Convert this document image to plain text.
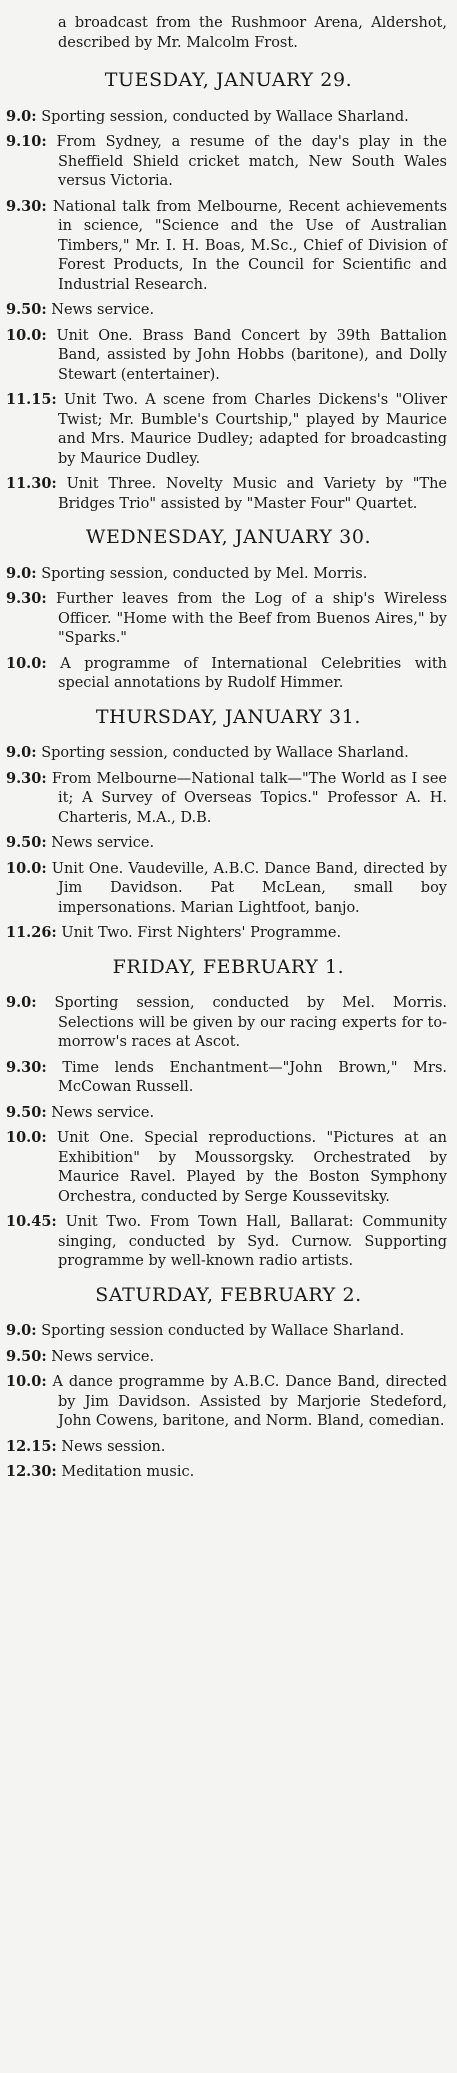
a broadcast from the Rushmoor Arena, Aldershot, described by Mr. Malcolm Frost.
TUESDAY, JANUARY 29.
9.0: Sporting session, conducted by Wallace Sharland.
9.10: From Sydney, a resume of the day's play in the Sheffield Shield cricket match, New South Wales versus Victoria.
9.30: National talk from Melbourne, Recent achievements in science, "Science and the Use of Australian Timbers," Mr. I. H. Boas, M.Sc., Chief of Division of Forest Products, In the Council for Scientific and Industrial Research.
9.50: News service.
10.0: Unit One. Brass Band Concert by 39th Battalion Band, assisted by John Hobbs (baritone), and Dolly Stewart (entertainer).
11.15: Unit Two. A scene from Charles Dickens's "Oliver Twist; Mr. Bumble's Courtship," played by Maurice and Mrs. Maurice Dudley; adapted for broadcasting by Maurice Dudley.
11.30: Unit Three. Novelty Music and Variety by "The Bridges Trio" assisted by "Master Four" Quartet.
WEDNESDAY, JANUARY 30.
9.0: Sporting session, conducted by Mel. Morris.
9.30: Further leaves from the Log of a ship's Wireless Officer. "Home with the Beef from Buenos Aires," by "Sparks."
10.0: A programme of International Celebrities with special annotations by Rudolf Himmer.
THURSDAY, JANUARY 31.
9.0: Sporting session, conducted by Wallace Sharland.
9.30: From Melbourne—National talk—"The World as I see it; A Survey of Overseas Topics." Professor A. H. Charteris, M.A., D.B.
9.50: News service.
10.0: Unit One. Vaudeville, A.B.C. Dance Band, directed by Jim Davidson. Pat McLean, small boy impersonations. Marian Lightfoot, banjo.
11.26: Unit Two. First Nighters' Programme.
FRIDAY, FEBRUARY 1.
9.0: Sporting session, conducted by Mel. Morris. Selections will be given by our racing experts for to-morrow's races at Ascot.
9.30: Time lends Enchantment—"John Brown," Mrs. McCowan Russell.
9.50: News service.
10.0: Unit One. Special reproductions. "Pictures at an Exhibition" by Moussorgsky. Orchestrated by Maurice Ravel. Played by the Boston Symphony Orchestra, conducted by Serge Koussevitsky.
10.45: Unit Two. From Town Hall, Ballarat: Community singing, conducted by Syd. Curnow. Supporting programme by well-known radio artists.
SATURDAY, FEBRUARY 2.
9.0: Sporting session conducted by Wallace Sharland.
9.50: News service.
10.0: A dance programme by A.B.C. Dance Band, directed by Jim Davidson. Assisted by Marjorie Stedeford, John Cowens, baritone, and Norm. Bland, comedian.
12.15: News session.
12.30: Meditation music.
